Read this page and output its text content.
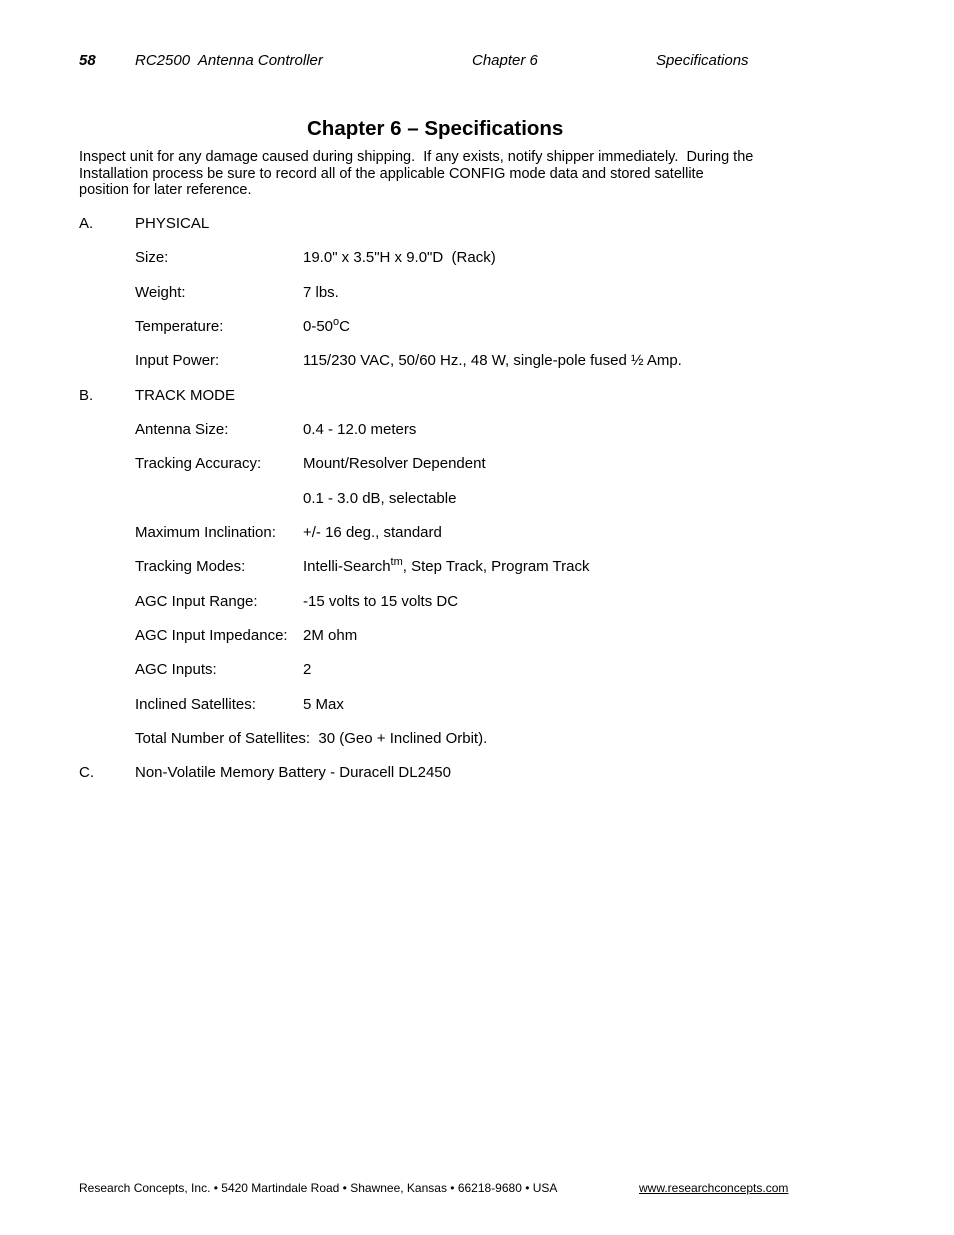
58	RC2500  Antenna Controller	Chapter 6	Specifications
Chapter 6 – Specifications
Inspect unit for any damage caused during shipping.  If any exists, notify shipper immediately.  During the
Installation process be sure to record all of the applicable CONFIG mode data and stored satellite
position for later reference.
A.	PHYSICAL
Size:	19.0" x 3.5"H x 9.0"D  (Rack)
Weight:	7 lbs.
Temperature:	0-50$^o$C
Input Power:	115/230 VAC, 50/60 Hz., 48 W, single-pole fused ½ Amp.
B.	TRACK MODE
Antenna Size:	0.4 - 12.0 meters
Tracking Accuracy:	Mount/Resolver Dependent
0.1 - 3.0 dB, selectable
Maximum Inclination: +/- 16 deg., standard
Tracking Modes:	Intelli-Search$^{tm}$, Step Track, Program Track
AGC Input Range:	-15 volts to 15 volts DC
AGC Input Impedance: 2M ohm
AGC Inputs:	2
Inclined Satellites:	5 Max
Total Number of Satellites:  30 (Geo + Inclined Orbit).
C.	Non-Volatile Memory Battery - Duracell DL2450
Research Concepts, Inc. • 5420 Martindale Road • Shawnee, Kansas • 66218-9680 • USA	www.researchconcepts.com
